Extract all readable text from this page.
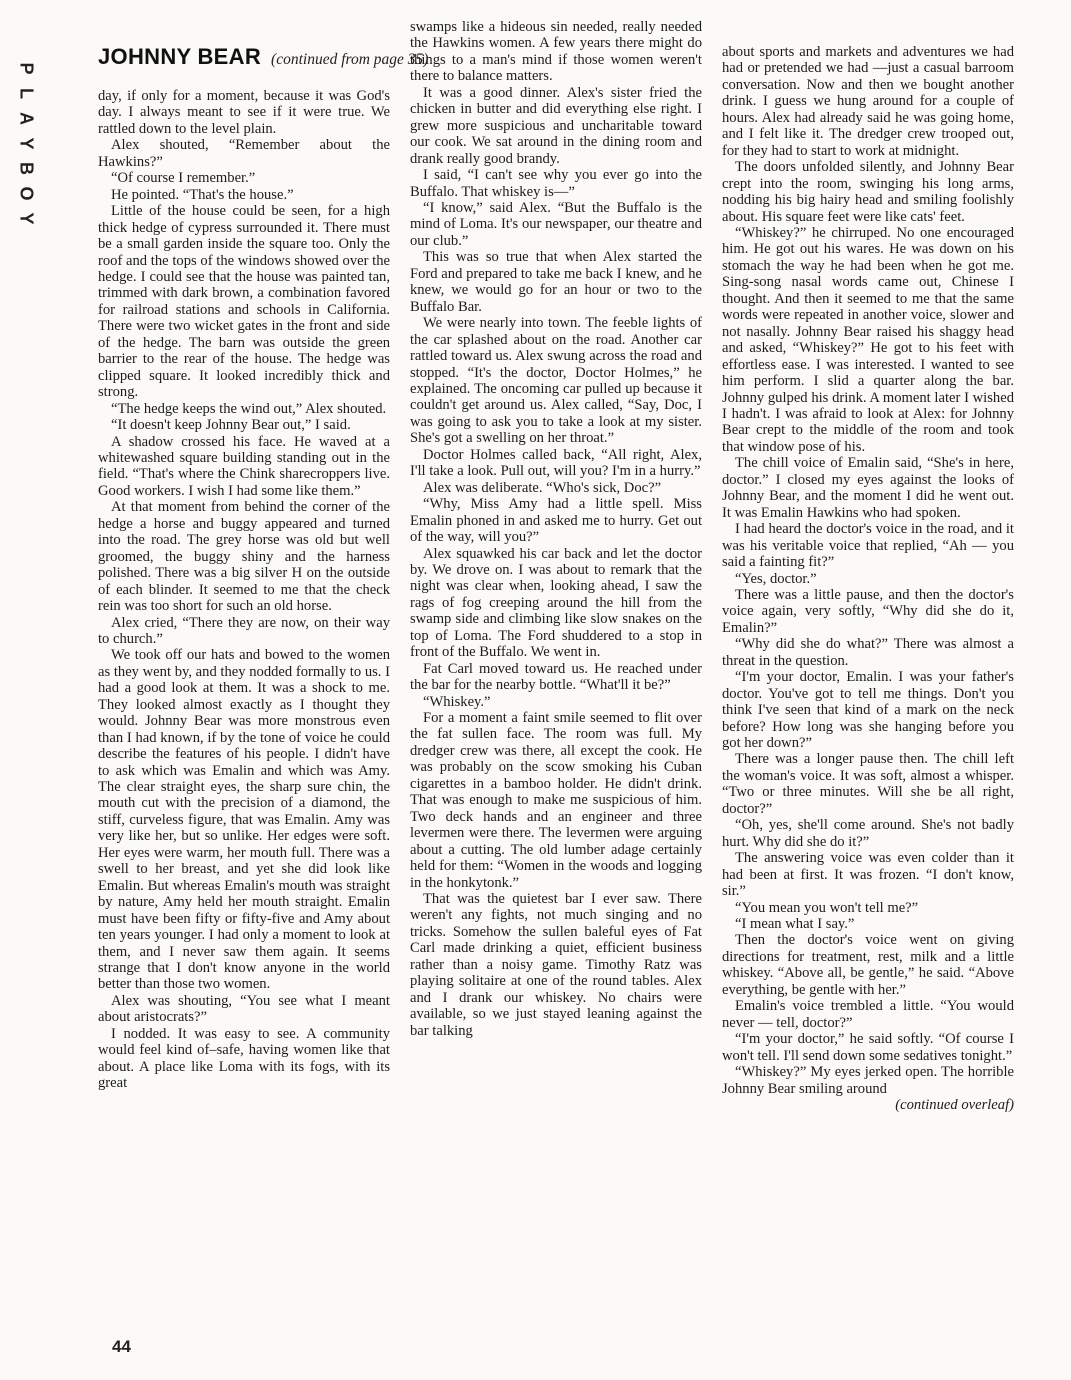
P
L
A
Y
B
O
Y
JOHNNY BEAR (continued from page 35)

day, if only for a moment, because it was God's day. I always meant to see if it were true. We rattled down to the level plain.

Alex shouted, “Remember about the Hawkins?”

“Of course I remember.”

He pointed. “That's the house.”

Little of the house could be seen, for a high thick hedge of cypress surrounded it. There must be a small garden inside the square too. Only the roof and the tops of the windows showed over the hedge. I could see that the house was painted tan, trimmed with dark brown, a combination favored for railroad stations and schools in California. There were two wicket gates in the front and side of the hedge. The barn was outside the green barrier to the rear of the house. The hedge was clipped square. It looked incredibly thick and strong.

“The hedge keeps the wind out,” Alex shouted.

“It doesn't keep Johnny Bear out,” I said.

A shadow crossed his face. He waved at a whitewashed square building standing out in the field. “That's where the Chink sharecroppers live. Good workers. I wish I had some like them.”

At that moment from behind the corner of the hedge a horse and buggy appeared and turned into the road. The grey horse was old but well groomed, the buggy shiny and the harness polished. There was a big silver H on the outside of each blinder. It seemed to me that the check rein was too short for such an old horse.

Alex cried, “There they are now, on their way to church.”

We took off our hats and bowed to the women as they went by, and they nodded formally to us. I had a good look at them. It was a shock to me. They looked almost exactly as I thought they would. Johnny Bear was more monstrous even than I had known, if by the tone of voice he could describe the features of his people. I didn't have to ask which was Emalin and which was Amy. The clear straight eyes, the sharp sure chin, the mouth cut with the precision of a diamond, the stiff, curveless figure, that was Emalin. Amy was very like her, but so unlike. Her edges were soft. Her eyes were warm, her mouth full. There was a swell to her breast, and yet she did look like Emalin. But whereas Emalin's mouth was straight by nature, Amy held her mouth straight. Emalin must have been fifty or fifty-five and Amy about ten years younger. I had only a moment to look at them, and I never saw them again. It seems strange that I don't know anyone in the world better than those two women.

Alex was shouting, “You see what I meant about aristocrats?”

I nodded. It was easy to see. A community would feel kind of–safe, having women like that about. A place like Loma with its fogs, with its great

swamps like a hideous sin needed, really needed the Hawkins women. A few years there might do things to a man's mind if those women weren't there to balance matters.

It was a good dinner. Alex's sister fried the chicken in butter and did everything else right. I grew more suspicious and uncharitable toward our cook. We sat around in the dining room and drank really good brandy.

I said, “I can't see why you ever go into the Buffalo. That whiskey is—”

“I know,” said Alex. “But the Buffalo is the mind of Loma. It's our newspaper, our theatre and our club.”

This was so true that when Alex started the Ford and prepared to take me back I knew, and he knew, we would go for an hour or two to the Buffalo Bar.

We were nearly into town. The feeble lights of the car splashed about on the road. Another car rattled toward us. Alex swung across the road and stopped. “It's the doctor, Doctor Holmes,” he explained. The oncoming car pulled up because it couldn't get around us. Alex called, “Say, Doc, I was going to ask you to take a look at my sister. She's got a swelling on her throat.”

Doctor Holmes called back, “All right, Alex, I'll take a look. Pull out, will you? I'm in a hurry.”

Alex was deliberate. “Who's sick, Doc?”

“Why, Miss Amy had a little spell. Miss Emalin phoned in and asked me to hurry. Get out of the way, will you?”

Alex squawked his car back and let the doctor by. We drove on. I was about to remark that the night was clear when, looking ahead, I saw the rags of fog creeping around the hill from the swamp side and climbing like slow snakes on the top of Loma. The Ford shuddered to a stop in front of the Buffalo. We went in.

Fat Carl moved toward us. He reached under the bar for the nearby bottle. “What'll it be?”

“Whiskey.”

For a moment a faint smile seemed to flit over the fat sullen face. The room was full. My dredger crew was there, all except the cook. He was probably on the scow smoking his Cuban cigarettes in a bamboo holder. He didn't drink. That was enough to make me suspicious of him. Two deck hands and an engineer and three levermen were there. The levermen were arguing about a cutting. The old lumber adage certainly held for them: “Women in the woods and logging in the honkytonk.”

That was the quietest bar I ever saw. There weren't any fights, not much singing and no tricks. Somehow the sullen baleful eyes of Fat Carl made drinking a quiet, efficient business rather than a noisy game. Timothy Ratz was playing solitaire at one of the round tables. Alex and I drank our whiskey. No chairs were available, so we just stayed leaning against the bar talking

about sports and markets and adventures we had had or pretended we had —just a casual barroom conversation. Now and then we bought another drink. I guess we hung around for a couple of hours. Alex had already said he was going home, and I felt like it. The dredger crew trooped out, for they had to start to work at midnight.

The doors unfolded silently, and Johnny Bear crept into the room, swinging his long arms, nodding his big hairy head and smiling foolishly about. His square feet were like cats' feet.

“Whiskey?” he chirruped. No one encouraged him. He got out his wares. He was down on his stomach the way he had been when he got me. Sing-song nasal words came out, Chinese I thought. And then it seemed to me that the same words were repeated in another voice, slower and not nasally. Johnny Bear raised his shaggy head and asked, “Whiskey?” He got to his feet with effortless ease. I was interested. I wanted to see him perform. I slid a quarter along the bar. Johnny gulped his drink. A moment later I wished I hadn't. I was afraid to look at Alex: for Johnny Bear crept to the middle of the room and took that window pose of his.

The chill voice of Emalin said, “She's in here, doctor.” I closed my eyes against the looks of Johnny Bear, and the moment I did he went out. It was Emalin Hawkins who had spoken.

I had heard the doctor's voice in the road, and it was his veritable voice that replied, “Ah — you said a fainting fit?”

“Yes, doctor.”

There was a little pause, and then the doctor's voice again, very softly, “Why did she do it, Emalin?”

“Why did she do what?” There was almost a threat in the question.

“I'm your doctor, Emalin. I was your father's doctor. You've got to tell me things. Don't you think I've seen that kind of a mark on the neck before? How long was she hanging before you got her down?”

There was a longer pause then. The chill left the woman's voice. It was soft, almost a whisper. “Two or three minutes. Will she be all right, doctor?”

“Oh, yes, she'll come around. She's not badly hurt. Why did she do it?”

The answering voice was even colder than it had been at first. It was frozen. “I don't know, sir.”

“You mean you won't tell me?”

“I mean what I say.”

Then the doctor's voice went on giving directions for treatment, rest, milk and a little whiskey. “Above all, be gentle,” he said. “Above everything, be gentle with her.”

Emalin's voice trembled a little. “You would never — tell, doctor?”

“I'm your doctor,” he said softly. “Of course I won't tell. I'll send down some sedatives tonight.”

“Whiskey?” My eyes jerked open. The horrible Johnny Bear smiling around

(continued overleaf)

44
